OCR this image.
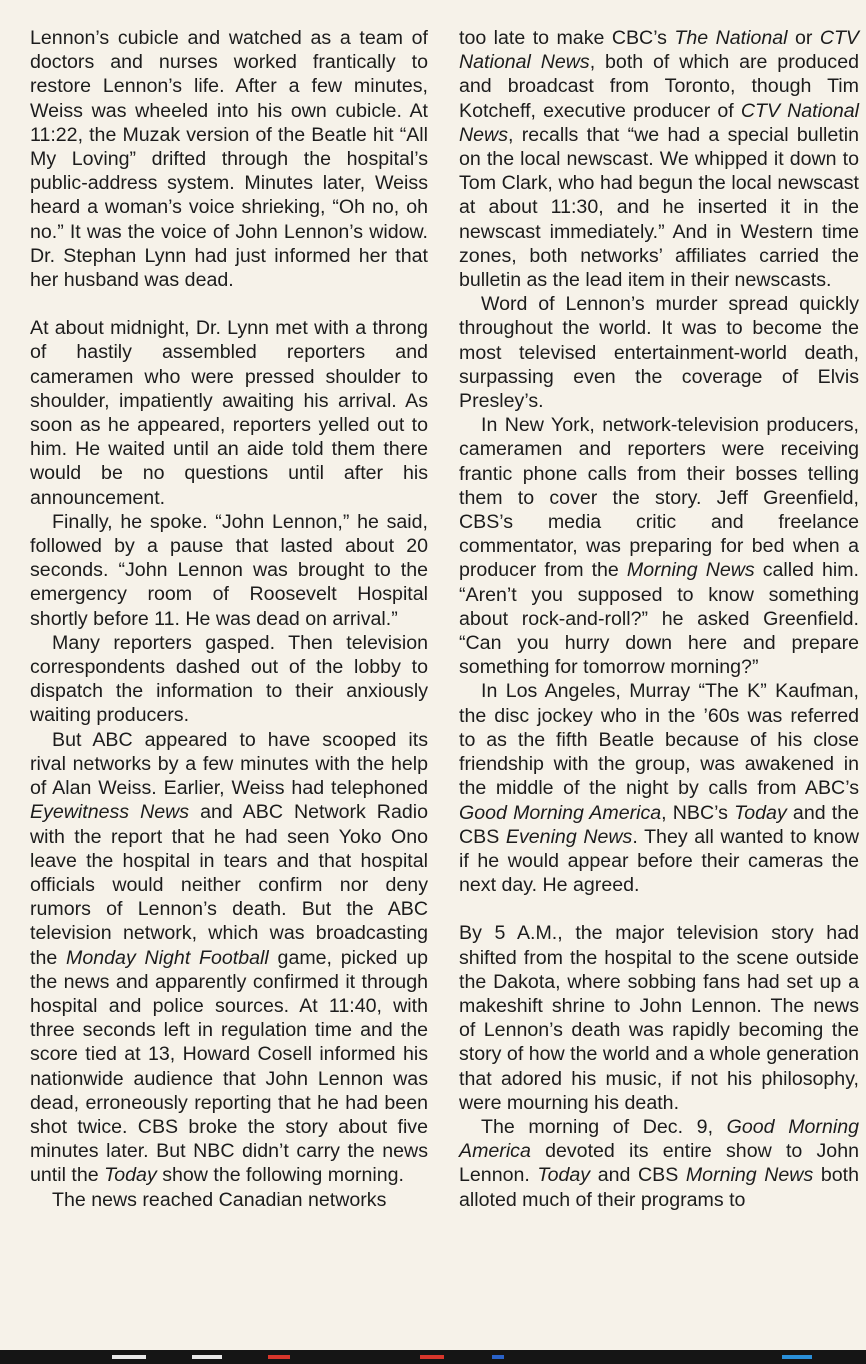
Lennon’s cubicle and watched as a team of doctors and nurses worked frantically to restore Lennon’s life. After a few minutes, Weiss was wheeled into his own cubicle. At 11:22, the Muzak version of the Beatle hit “All My Loving” drifted through the hospital’s public-address system. Minutes later, Weiss heard a woman’s voice shrieking, “Oh no, oh no.” It was the voice of John Lennon’s widow. Dr. Stephan Lynn had just informed her that her husband was dead.

At about midnight, Dr. Lynn met with a throng of hastily assembled reporters and cameramen who were pressed shoulder to shoulder, impatiently awaiting his arrival. As soon as he appeared, reporters yelled out to him. He waited until an aide told them there would be no questions until after his announcement.

Finally, he spoke. “John Lennon,” he said, followed by a pause that lasted about 20 seconds. “John Lennon was brought to the emergency room of Roosevelt Hospital shortly before 11. He was dead on arrival.”

Many reporters gasped. Then television correspondents dashed out of the lobby to dispatch the information to their anxiously waiting producers.

But ABC appeared to have scooped its rival networks by a few minutes with the help of Alan Weiss. Earlier, Weiss had telephoned Eyewitness News and ABC Network Radio with the report that he had seen Yoko Ono leave the hospital in tears and that hospital officials would neither confirm nor deny rumors of Lennon’s death. But the ABC television network, which was broadcasting the Monday Night Football game, picked up the news and apparently confirmed it through hospital and police sources. At 11:40, with three seconds left in regulation time and the score tied at 13, Howard Cosell informed his nationwide audience that John Lennon was dead, erroneously reporting that he had been shot twice. CBS broke the story about five minutes later. But NBC didn’t carry the news until the Today show the following morning.

The news reached Canadian networks

too late to make CBC’s The National or CTV National News, both of which are produced and broadcast from Toronto, though Tim Kotcheff, executive producer of CTV National News, recalls that “we had a special bulletin on the local newscast. We whipped it down to Tom Clark, who had begun the local newscast at about 11:30, and he inserted it in the newscast immediately.” And in Western time zones, both networks’ affiliates carried the bulletin as the lead item in their newscasts.

Word of Lennon’s murder spread quickly throughout the world. It was to become the most televised entertainment-world death, surpassing even the coverage of Elvis Presley’s.

In New York, network-television producers, cameramen and reporters were receiving frantic phone calls from their bosses telling them to cover the story. Jeff Greenfield, CBS’s media critic and freelance commentator, was preparing for bed when a producer from the Morning News called him. “Aren’t you supposed to know something about rock-and-roll?” he asked Greenfield. “Can you hurry down here and prepare something for tomorrow morning?”

In Los Angeles, Murray “The K” Kaufman, the disc jockey who in the ’60s was referred to as the fifth Beatle because of his close friendship with the group, was awakened in the middle of the night by calls from ABC’s Good Morning America, NBC’s Today and the CBS Evening News. They all wanted to know if he would appear before their cameras the next day. He agreed.

By 5 A.M., the major television story had shifted from the hospital to the scene outside the Dakota, where sobbing fans had set up a makeshift shrine to John Lennon. The news of Lennon’s death was rapidly becoming the story of how the world and a whole generation that adored his music, if not his philosophy, were mourning his death.

The morning of Dec. 9, Good Morning America devoted its entire show to John Lennon. Today and CBS Morning News both alloted much of their programs to
